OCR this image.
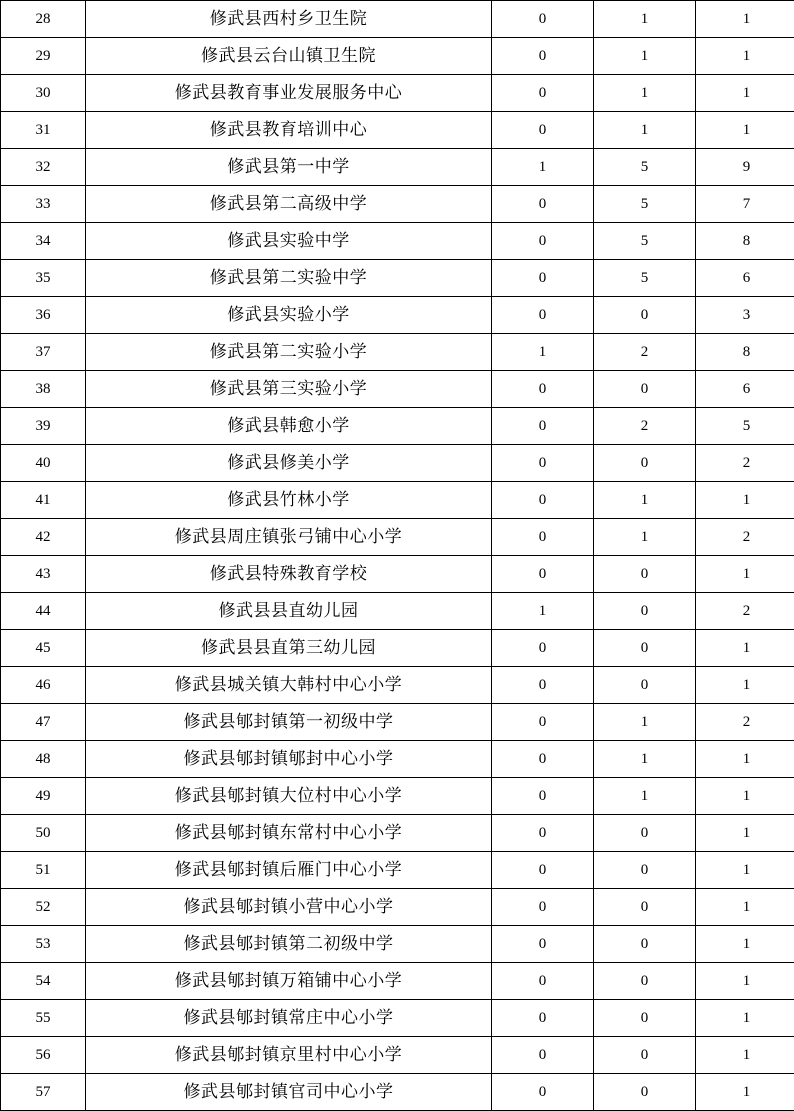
28	修武县西村乡卫生院	0	1	1
29	修武县云台山镇卫生院	0	1	1
30	修武县教育事业发展服务中心	0	1	1
31	修武县教育培训中心	0	1	1
32	修武县第一中学	1	5	9
33	修武县第二高级中学	0	5	7
34	修武县实验中学	0	5	8
35	修武县第二实验中学	0	5	6
36	修武县实验小学	0	0	3
37	修武县第二实验小学	1	2	8
38	修武县第三实验小学	0	0	6
39	修武县韩愈小学	0	2	5
40	修武县修美小学	0	0	2
41	修武县竹林小学	0	1	1
42	修武县周庄镇张弓铺中心小学	0	1	2
43	修武县特殊教育学校	0	0	1
44	修武县县直幼儿园	1	0	2
45	修武县县直第三幼儿园	0	0	1
46	修武县城关镇大韩村中心小学	0	0	1
47	修武县郇封镇第一初级中学	0	1	2
48	修武县郇封镇郇封中心小学	0	1	1
49	修武县郇封镇大位村中心小学	0	1	1
50	修武县郇封镇东常村中心小学	0	0	1
51	修武县郇封镇后雁门中心小学	0	0	1
52	修武县郇封镇小营中心小学	0	0	1
53	修武县郇封镇第二初级中学	0	0	1
54	修武县郇封镇万箱铺中心小学	0	0	1
55	修武县郇封镇常庄中心小学	0	0	1
56	修武县郇封镇京里村中心小学	0	0	1
57	修武县郇封镇官司中心小学	0	0	1
